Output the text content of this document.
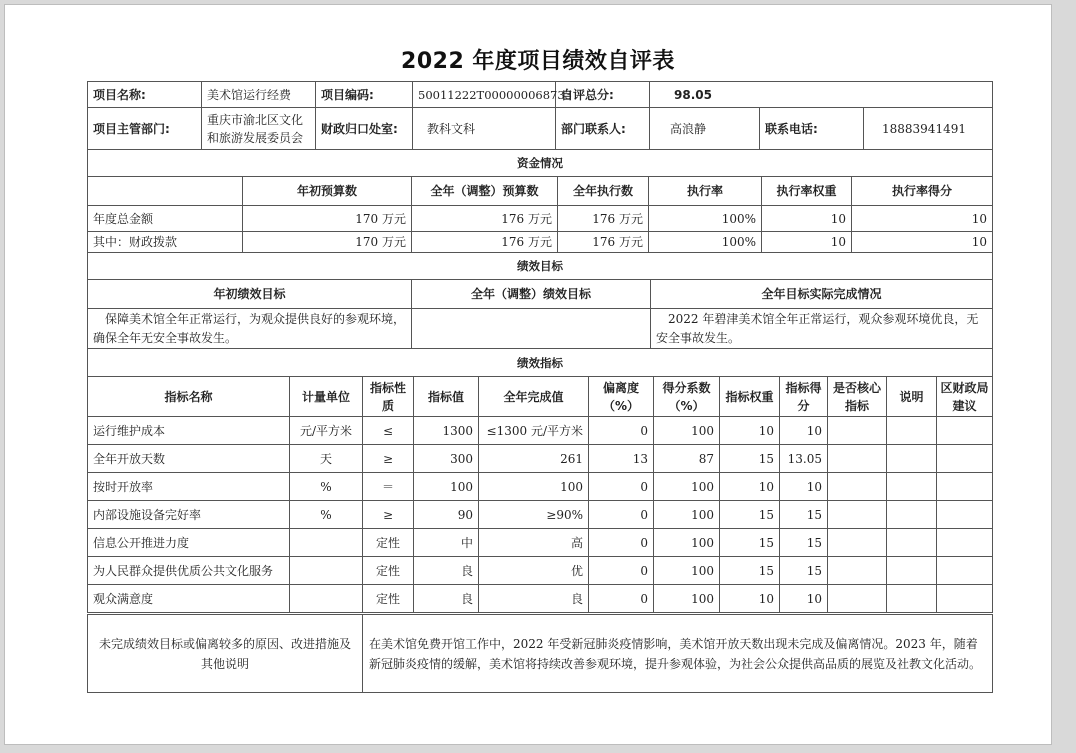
2022 年度项目绩效自评表
项目名称:	美术馆运行经费	项目编码:	50011222T000000068733	自评总分:	98.05		
项目主管部门:	重庆市渝北区文化和旅游发展委员会	财政归口处室:	教科文科	部门联系人:	高浪静	联系电话:	18883941491
资金情况						
	年初预算数	全年（调整）预算数	全年执行数	执行率	执行率权重	执行率得分
年度总金额	170 万元	176 万元	176 万元	100%	10	10
其中：财政拨款	170 万元	176 万元	176 万元	100%	10	10
绩效目标						
年初绩效目标	全年（调整）绩效目标	全年目标实际完成情况
　保障美术馆全年正常运行，为观众提供良好的参观环境，确保全年无安全事故发生。		　2022 年碧津美术馆全年正常运行，观众参观环境优良，无安全事故发生。
绩效指标											
指标名称	计量单位	指标性质	指标值	全年完成值	偏离度（%）	得分系数（%）	指标权重	指标得分	是否核心指标	说明	区财政局建议
运行维护成本	元/平方米	≤	1300	≤1300 元/平方米	0	100	10	10			
全年开放天数	天	≥	300	261	13	87	15	13.05			
按时开放率	%	＝	100	100	0	100	10	10			
内部设施设备完好率	%	≥	90	≥90%	0	100	15	15			
信息公开推进力度		定性	中	高	0	100	15	15			
为人民群众提供优质公共文化服务		定性	良	优	0	100	15	15			
观众满意度		定性	良	良	0	100	10	10			
未完成绩效目标或偏离较多的原因、改进措施及其他说明	在美术馆免费开馆工作中，2022 年受新冠肺炎疫情影响，美术馆开放天数出现未完成及偏离情况。2023 年，随着新冠肺炎疫情的缓解，美术馆将持续改善参观环境，提升参观体验，为社会公众提供高品质的展览及社教文化活动。
